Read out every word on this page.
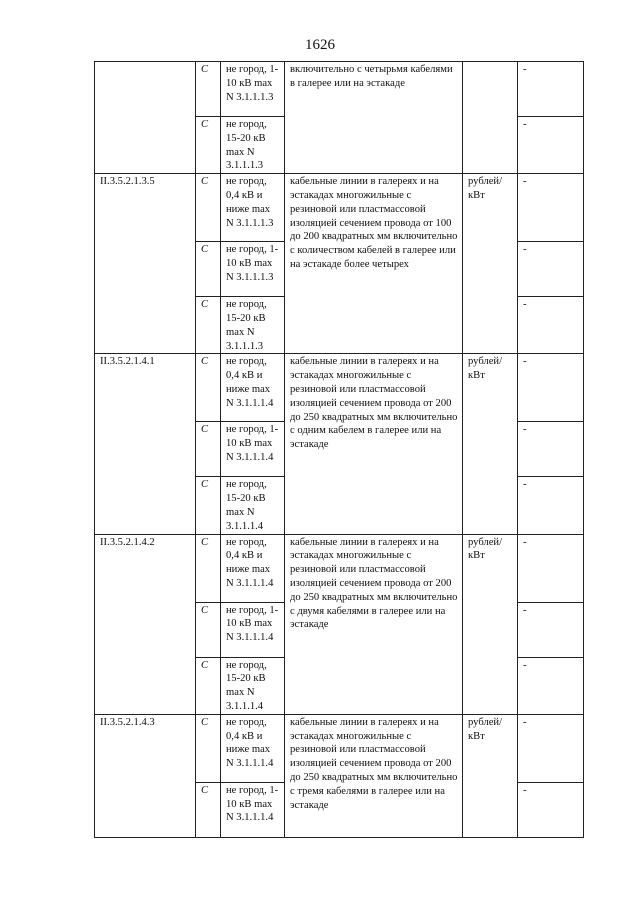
1626
	С	не город, 1-10 кВ max N 3.1.1.1.3	включительно с четырьмя кабелями в галерее или на эстакаде		-
	С	не город, 15-20 кВ max N 3.1.1.1.3			-
II.3.5.2.1.3.5	С	не город, 0,4 кВ и ниже max N 3.1.1.1.3	кабельные линии в галереях и на эстакадах многожильные с резиновой или пластмассовой изоляцией сечением провода от 100 до 200 квадратных мм включительно с количеством кабелей в галерее или на эстакаде более четырех	рублей/ кВт	-
	С	не город, 1-10 кВ max N 3.1.1.1.3			-
	С	не город, 15-20 кВ max N 3.1.1.1.3			-
II.3.5.2.1.4.1	С	не город, 0,4 кВ и ниже max N 3.1.1.1.4	кабельные линии в галереях и на эстакадах многожильные с резиновой или пластмассовой изоляцией сечением провода от 200 до 250 квадратных мм включительно с одним кабелем в галерее или на эстакаде	рублей/ кВт	-
	С	не город, 1-10 кВ max N 3.1.1.1.4			-
	С	не город, 15-20 кВ max N 3.1.1.1.4			-
II.3.5.2.1.4.2	С	не город, 0,4 кВ и ниже max N 3.1.1.1.4	кабельные линии в галереях и на эстакадах многожильные с резиновой или пластмассовой изоляцией сечением провода от 200 до 250 квадратных мм включительно с двумя кабелями в галерее или на эстакаде	рублей/ кВт	-
	С	не город, 1-10 кВ max N 3.1.1.1.4			-
	С	не город, 15-20 кВ max N 3.1.1.1.4			-
II.3.5.2.1.4.3	С	не город, 0,4 кВ и ниже max N 3.1.1.1.4	кабельные линии в галереях и на эстакадах многожильные с резиновой или пластмассовой изоляцией сечением провода от 200 до 250 квадратных мм включительно с тремя кабелями в галерее или на эстакаде	рублей/ кВт	-
	С	не город, 1-10 кВ max N 3.1.1.1.4			-
